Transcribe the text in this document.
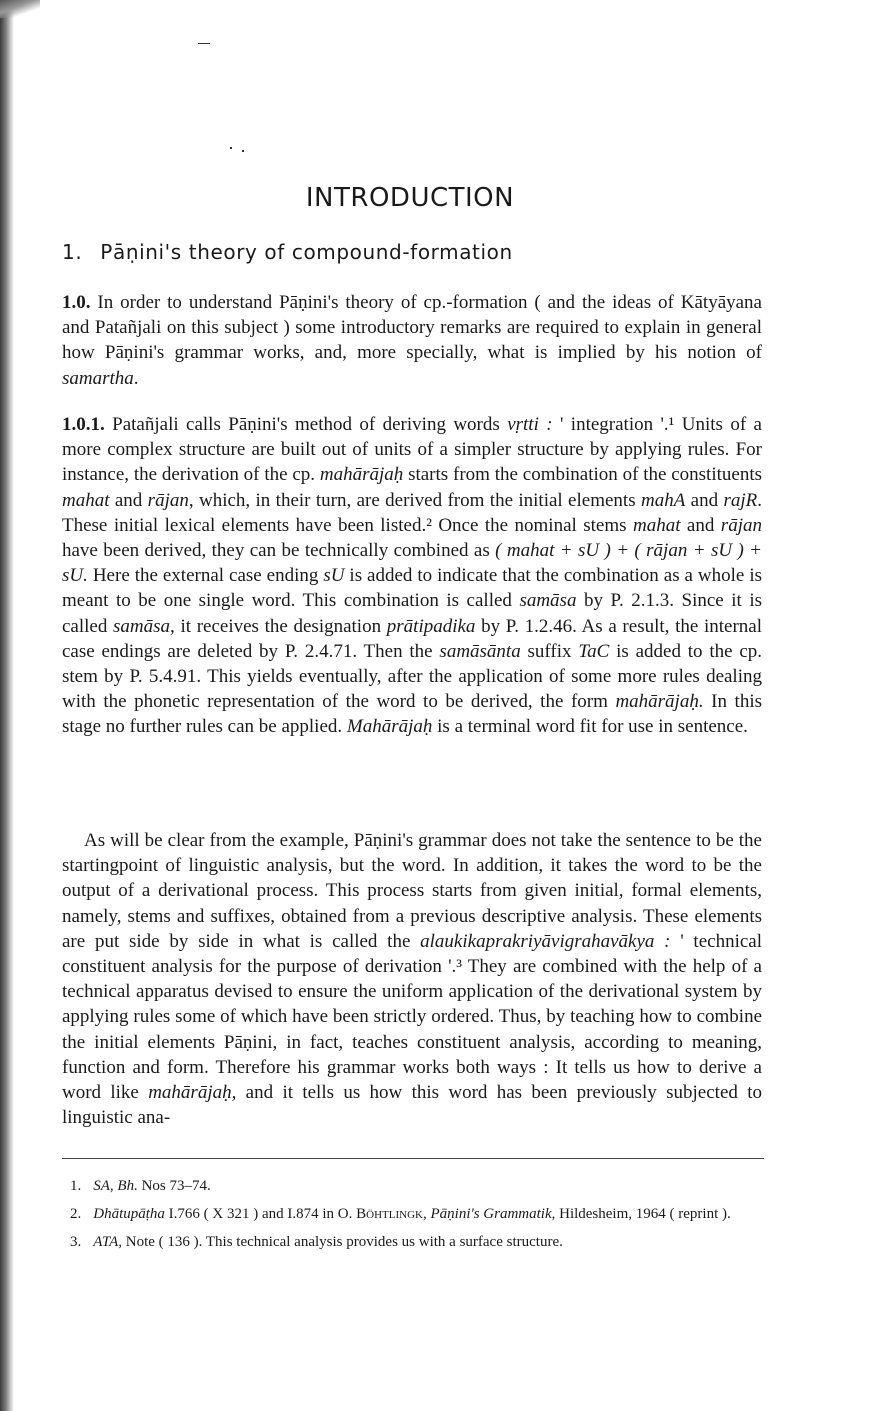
INTRODUCTION
1. Pāṇini's theory of compound-formation

1.0. In order to understand Pāṇini's theory of cp.-formation ( and the ideas of Kātyāyana and Patañjali on this subject ) some introductory remarks are required to explain in general how Pāṇini's grammar works, and, more specially, what is implied by his notion of samartha.

1.0.1. Patañjali calls Pāṇini's method of deriving words vṛtti : ' integration '.¹ Units of a more complex structure are built out of units of a simpler structure by applying rules. For instance, the derivation of the cp. mahārājaḥ starts from the combination of the constituents mahat and rājan, which, in their turn, are derived from the initial elements mahA and rajR. These initial lexical elements have been listed.² Once the nominal stems mahat and rājan have been derived, they can be technically combined as ( mahat + sU ) + ( rājan + sU ) + sU. Here the external case ending sU is added to indicate that the combination as a whole is meant to be one single word. This combination is called samāsa by P. 2.1.3. Since it is called samāsa, it receives the designation prātipadika by P. 1.2.46. As a result, the internal case endings are deleted by P. 2.4.71. Then the samāsānta suffix TaC is added to the cp. stem by P. 5.4.91. This yields eventually, after the application of some more rules dealing with the phonetic representation of the word to be derived, the form mahārājaḥ. In this stage no further rules can be applied. Mahārājaḥ is a terminal word fit for use in sentence.

As will be clear from the example, Pāṇini's grammar does not take the sentence to be the startingpoint of linguistic analysis, but the word. In addition, it takes the word to be the output of a derivational process. This process starts from given initial, formal elements, namely, stems and suffixes, obtained from a previous descriptive analysis. These elements are put side by side in what is called the alaukikaprakriyāvigrahavākya : ' technical constituent analysis for the purpose of derivation '.³ They are combined with the help of a technical apparatus devised to ensure the uniform application of the derivational system by applying rules some of which have been strictly ordered. Thus, by teaching how to combine the initial elements Pāṇini, in fact, teaches constituent analysis, according to meaning, function and form. Therefore his grammar works both ways : It tells us how to derive a word like mahārājaḥ, and it tells us how this word has been previously subjected to linguistic ana-

1. SA, Bh. Nos 73–74.

2. Dhātupāṭha I.766 ( X 321 ) and I.874 in O. Böhtlingk, Pāṇini's Grammatik, Hildesheim, 1964 ( reprint ).

3. ATA, Note ( 136 ). This technical analysis provides us with a surface structure.
